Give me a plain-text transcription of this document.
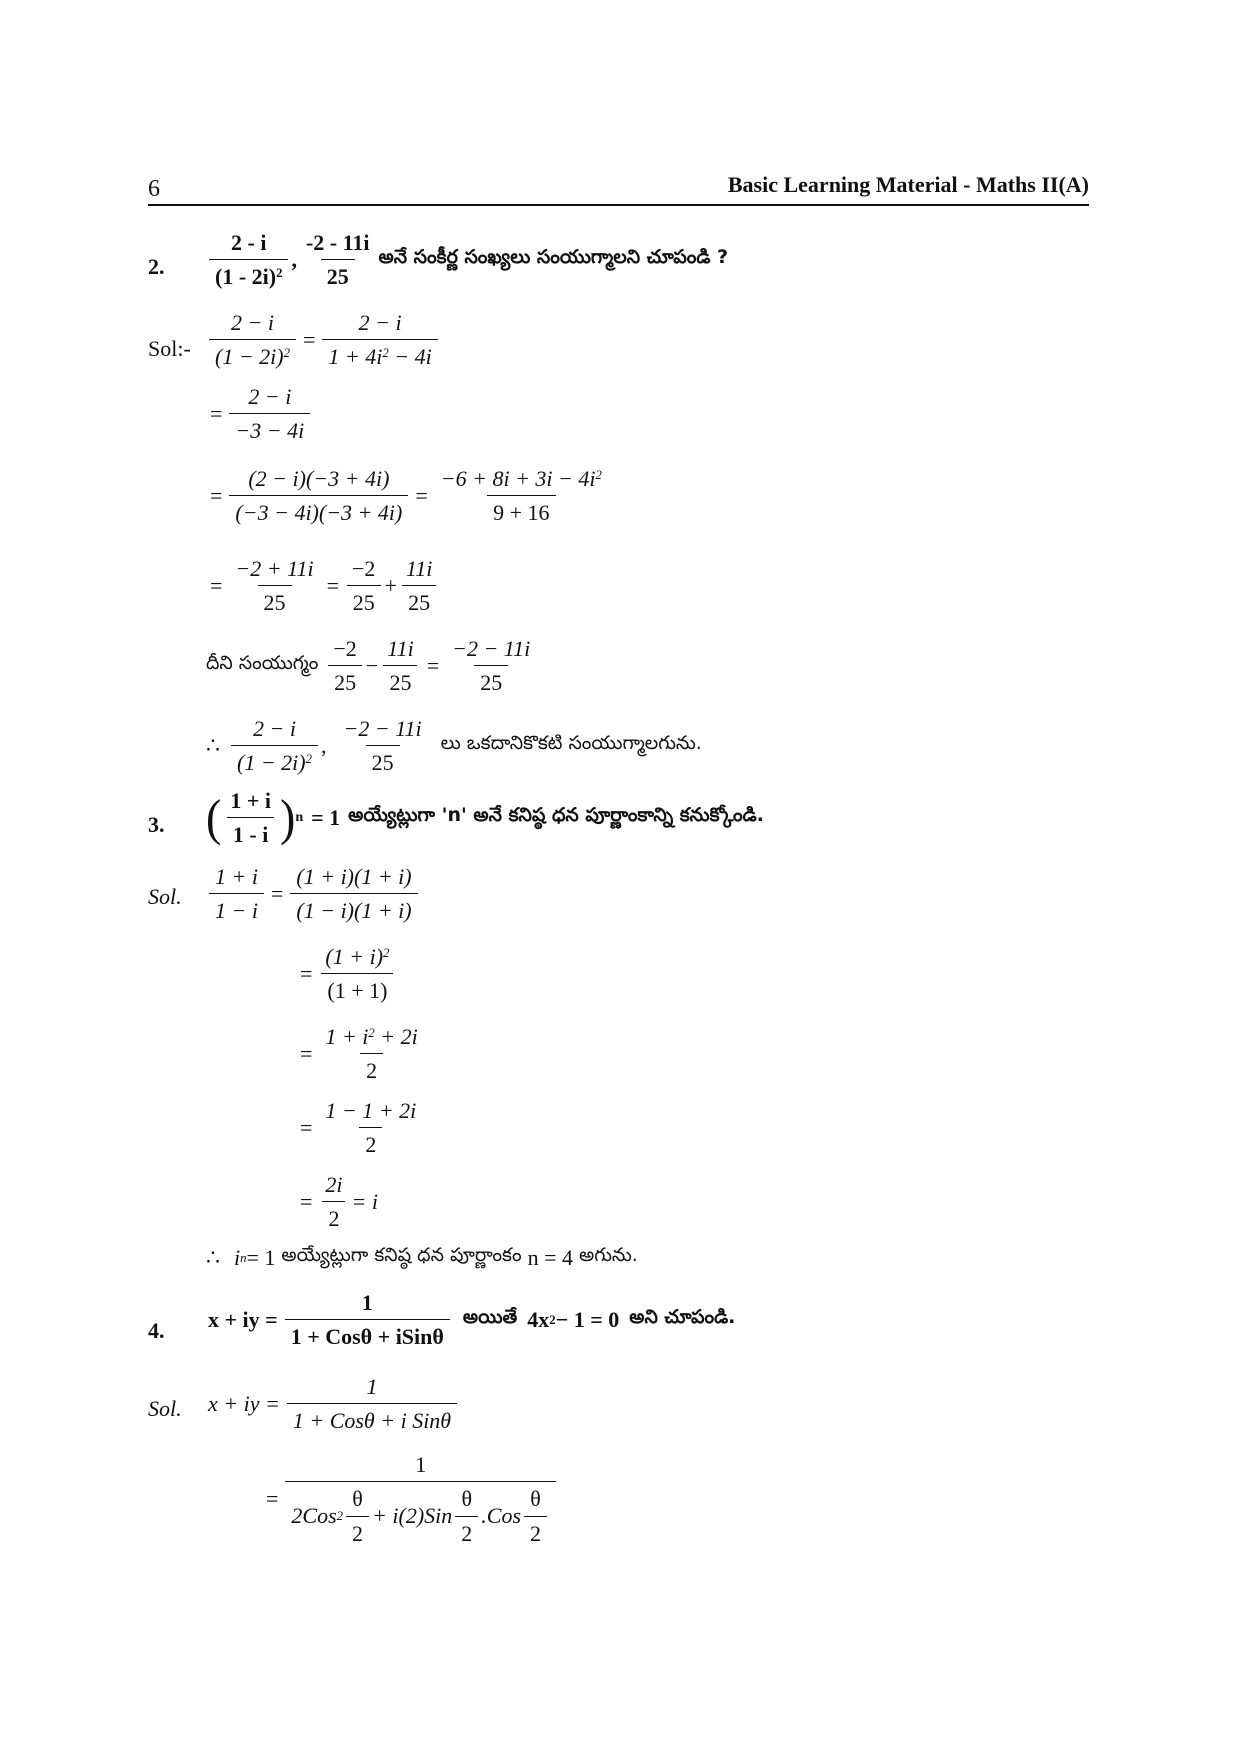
6	Basic Learning Material - Maths II(A)
2. $\frac{2 - i}{(1 - 2i)^2}$ , $\frac{-2 - 11i}{25}$ అనే సంకీర్ణ సంఖ్యలు సంయుగ్మాలని చూపండి ?
Sol:- $\frac{2 - i}{(1 - 2i)^2} = \frac{2 - i}{1 + 4i^2 - 4i}$
= $\frac{2 - i}{-3 - 4i}$
= $\frac{(2 - i)(-3 + 4i)}{(-3 - 4i)(-3 + 4i)} = \frac{-6 + 8i + 3i - 4i^2}{9 + 16}$
= $\frac{-2 + 11i}{25} = \frac{-2}{25} + \frac{11i}{25}$
దీని సంయుగ్మం $\frac{-2}{25} - \frac{11i}{25} = \frac{-2 - 11i}{25}$
∴ $\frac{2 - i}{(1 - 2i)^2}$ , $\frac{-2 - 11i}{25}$ లు ఒకదానికొకటి సంయుగ్మాలగును.
3. ( $\frac{1 + i}{1 - i}$ ) n = 1 అయ్యేట్లుగా 'n' అనే కనిష్ఠ ధన పూర్ణాంకాన్ని కనుక్కోండి.
Sol. $\frac{1 + i}{1 - i} = \frac{(1 + i)(1 + i)}{(1 - i)(1 + i)}$
= $\frac{(1 + i)^2}{(1 + 1)}$
= $\frac{1 + i^2 + 2i}{2}$
= $\frac{1 - 1 + 2i}{2}$
= $\frac{2i}{2} = i$
∴ i n = 1 అయ్యేట్లుగా కనిష్ఠ ధన పూర్ణాంకం n = 4 అగును.
4. x + iy = $\frac{1}{\text{1 + Cosθ + iSinθ}}$ అయితే 4x 2 − 1 = 0 అని చూపండి.
Sol. x + iy = $\frac{1}{\text{1 + Cosθ + i Sinθ}}$
=
1
2Cos $2 \frac{\theta}{2} + i(2)Sin \frac{\theta}{2} .Cos \frac{\theta}{2}$
